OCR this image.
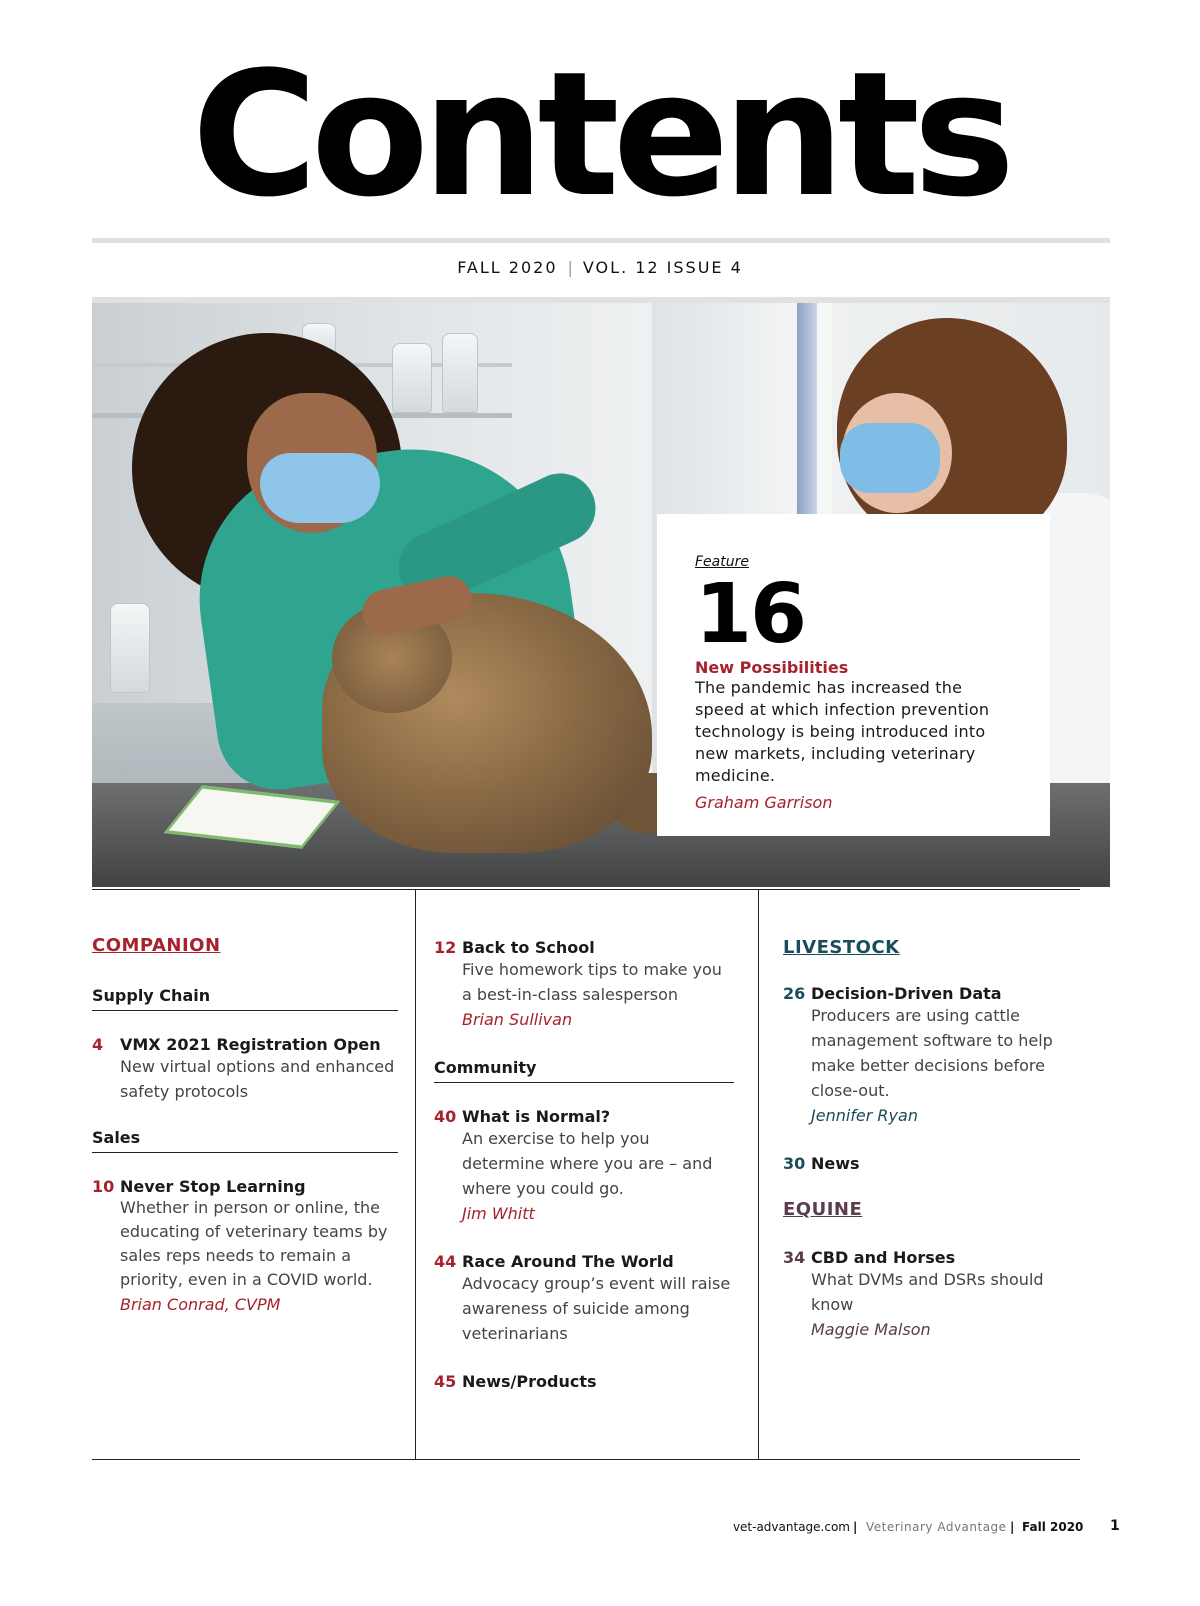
Contents
FALL 2020 | VOL. 12 ISSUE 4
Feature
16
New Possibilities
The pandemic has increased the speed at which infection prevention technology is being introduced into new markets, including veterinary medicine.
Graham Garrison
COMPANION
Supply Chain
4 VMX 2021 Registration Open
New virtual options and enhanced safety protocols
Sales
10 Never Stop Learning
Whether in person or online, the educating of veterinary teams by sales reps needs to remain a priority, even in a COVID world.
Brian Conrad, CVPM
12 Back to School
Five homework tips to make you a best-in-class salesperson
Brian Sullivan
Community
40 What is Normal?
An exercise to help you determine where you are – and where you could go.
Jim Whitt
44 Race Around The World
Advocacy group’s event will raise awareness of suicide among veterinarians
45 News/Products
LIVESTOCK
26 Decision-Driven Data
Producers are using cattle management software to help make better decisions before close-out.
Jennifer Ryan
30 News
EQUINE
34 CBD and Horses
What DVMs and DSRs should know
Maggie Malson
vet-advantage.com | Veterinary Advantage | Fall 2020 1
